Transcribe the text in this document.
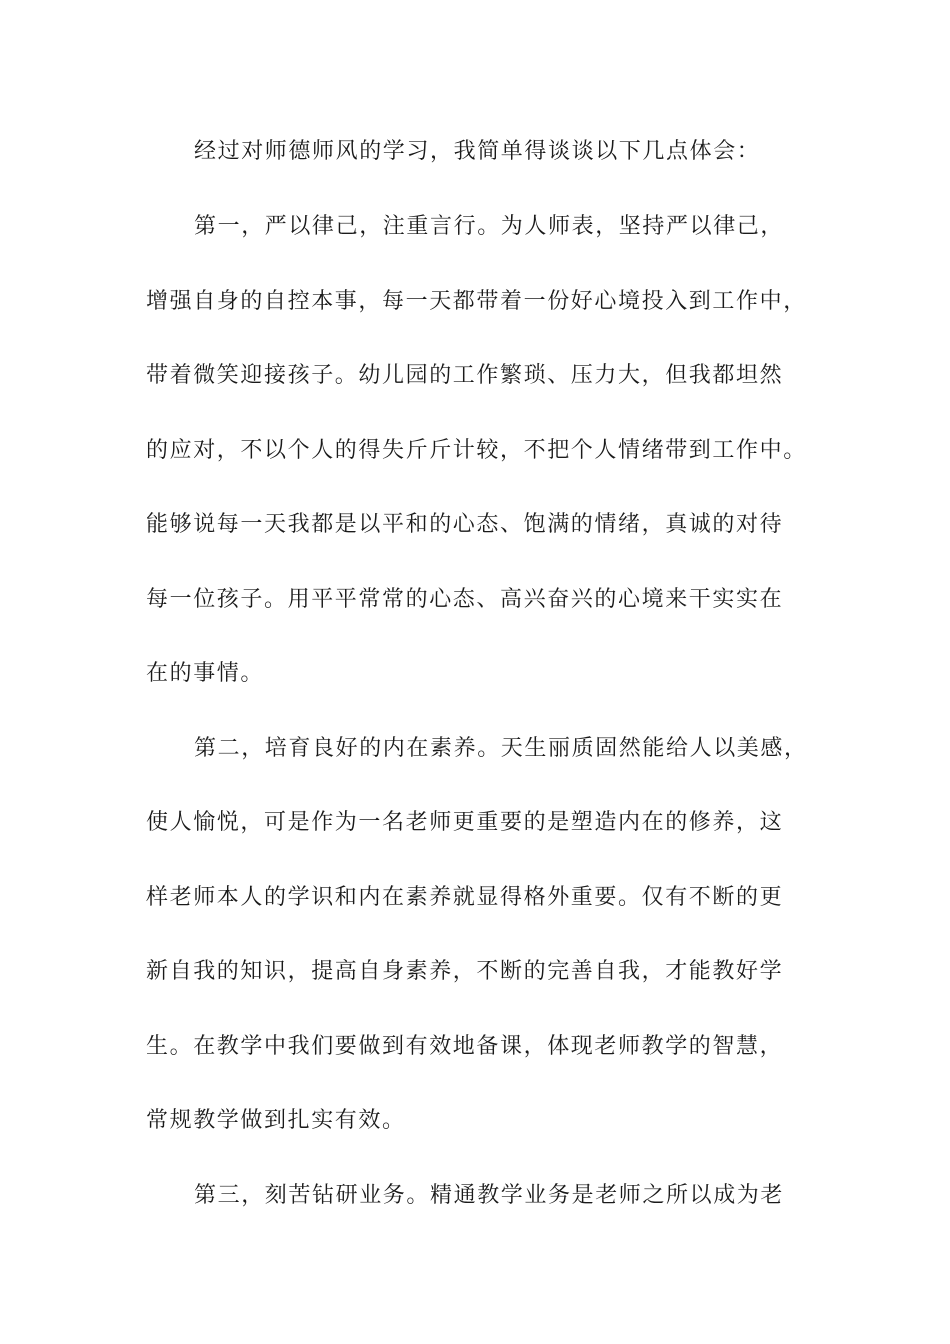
经过对师德师风的学习，我简单得谈谈以下几点体会：
第一，严以律己，注重言行。为人师表，坚持严以律己，
增强自身的自控本事，每一天都带着一份好心境投入到工作中，
带着微笑迎接孩子。幼儿园的工作繁琐、压力大，但我都坦然
的应对，不以个人的得失斤斤计较，不把个人情绪带到工作中。
能够说每一天我都是以平和的心态、饱满的情绪，真诚的对待
每一位孩子。用平平常常的心态、高兴奋兴的心境来干实实在
在的事情。
第二，培育良好的内在素养。天生丽质固然能给人以美感，
使人愉悦，可是作为一名老师更重要的是塑造内在的修养，这
样老师本人的学识和内在素养就显得格外重要。仅有不断的更
新自我的知识，提高自身素养，不断的完善自我，才能教好学
生。在教学中我们要做到有效地备课，体现老师教学的智慧，
常规教学做到扎实有效。
第三，刻苦钻研业务。精通教学业务是老师之所以成为老
